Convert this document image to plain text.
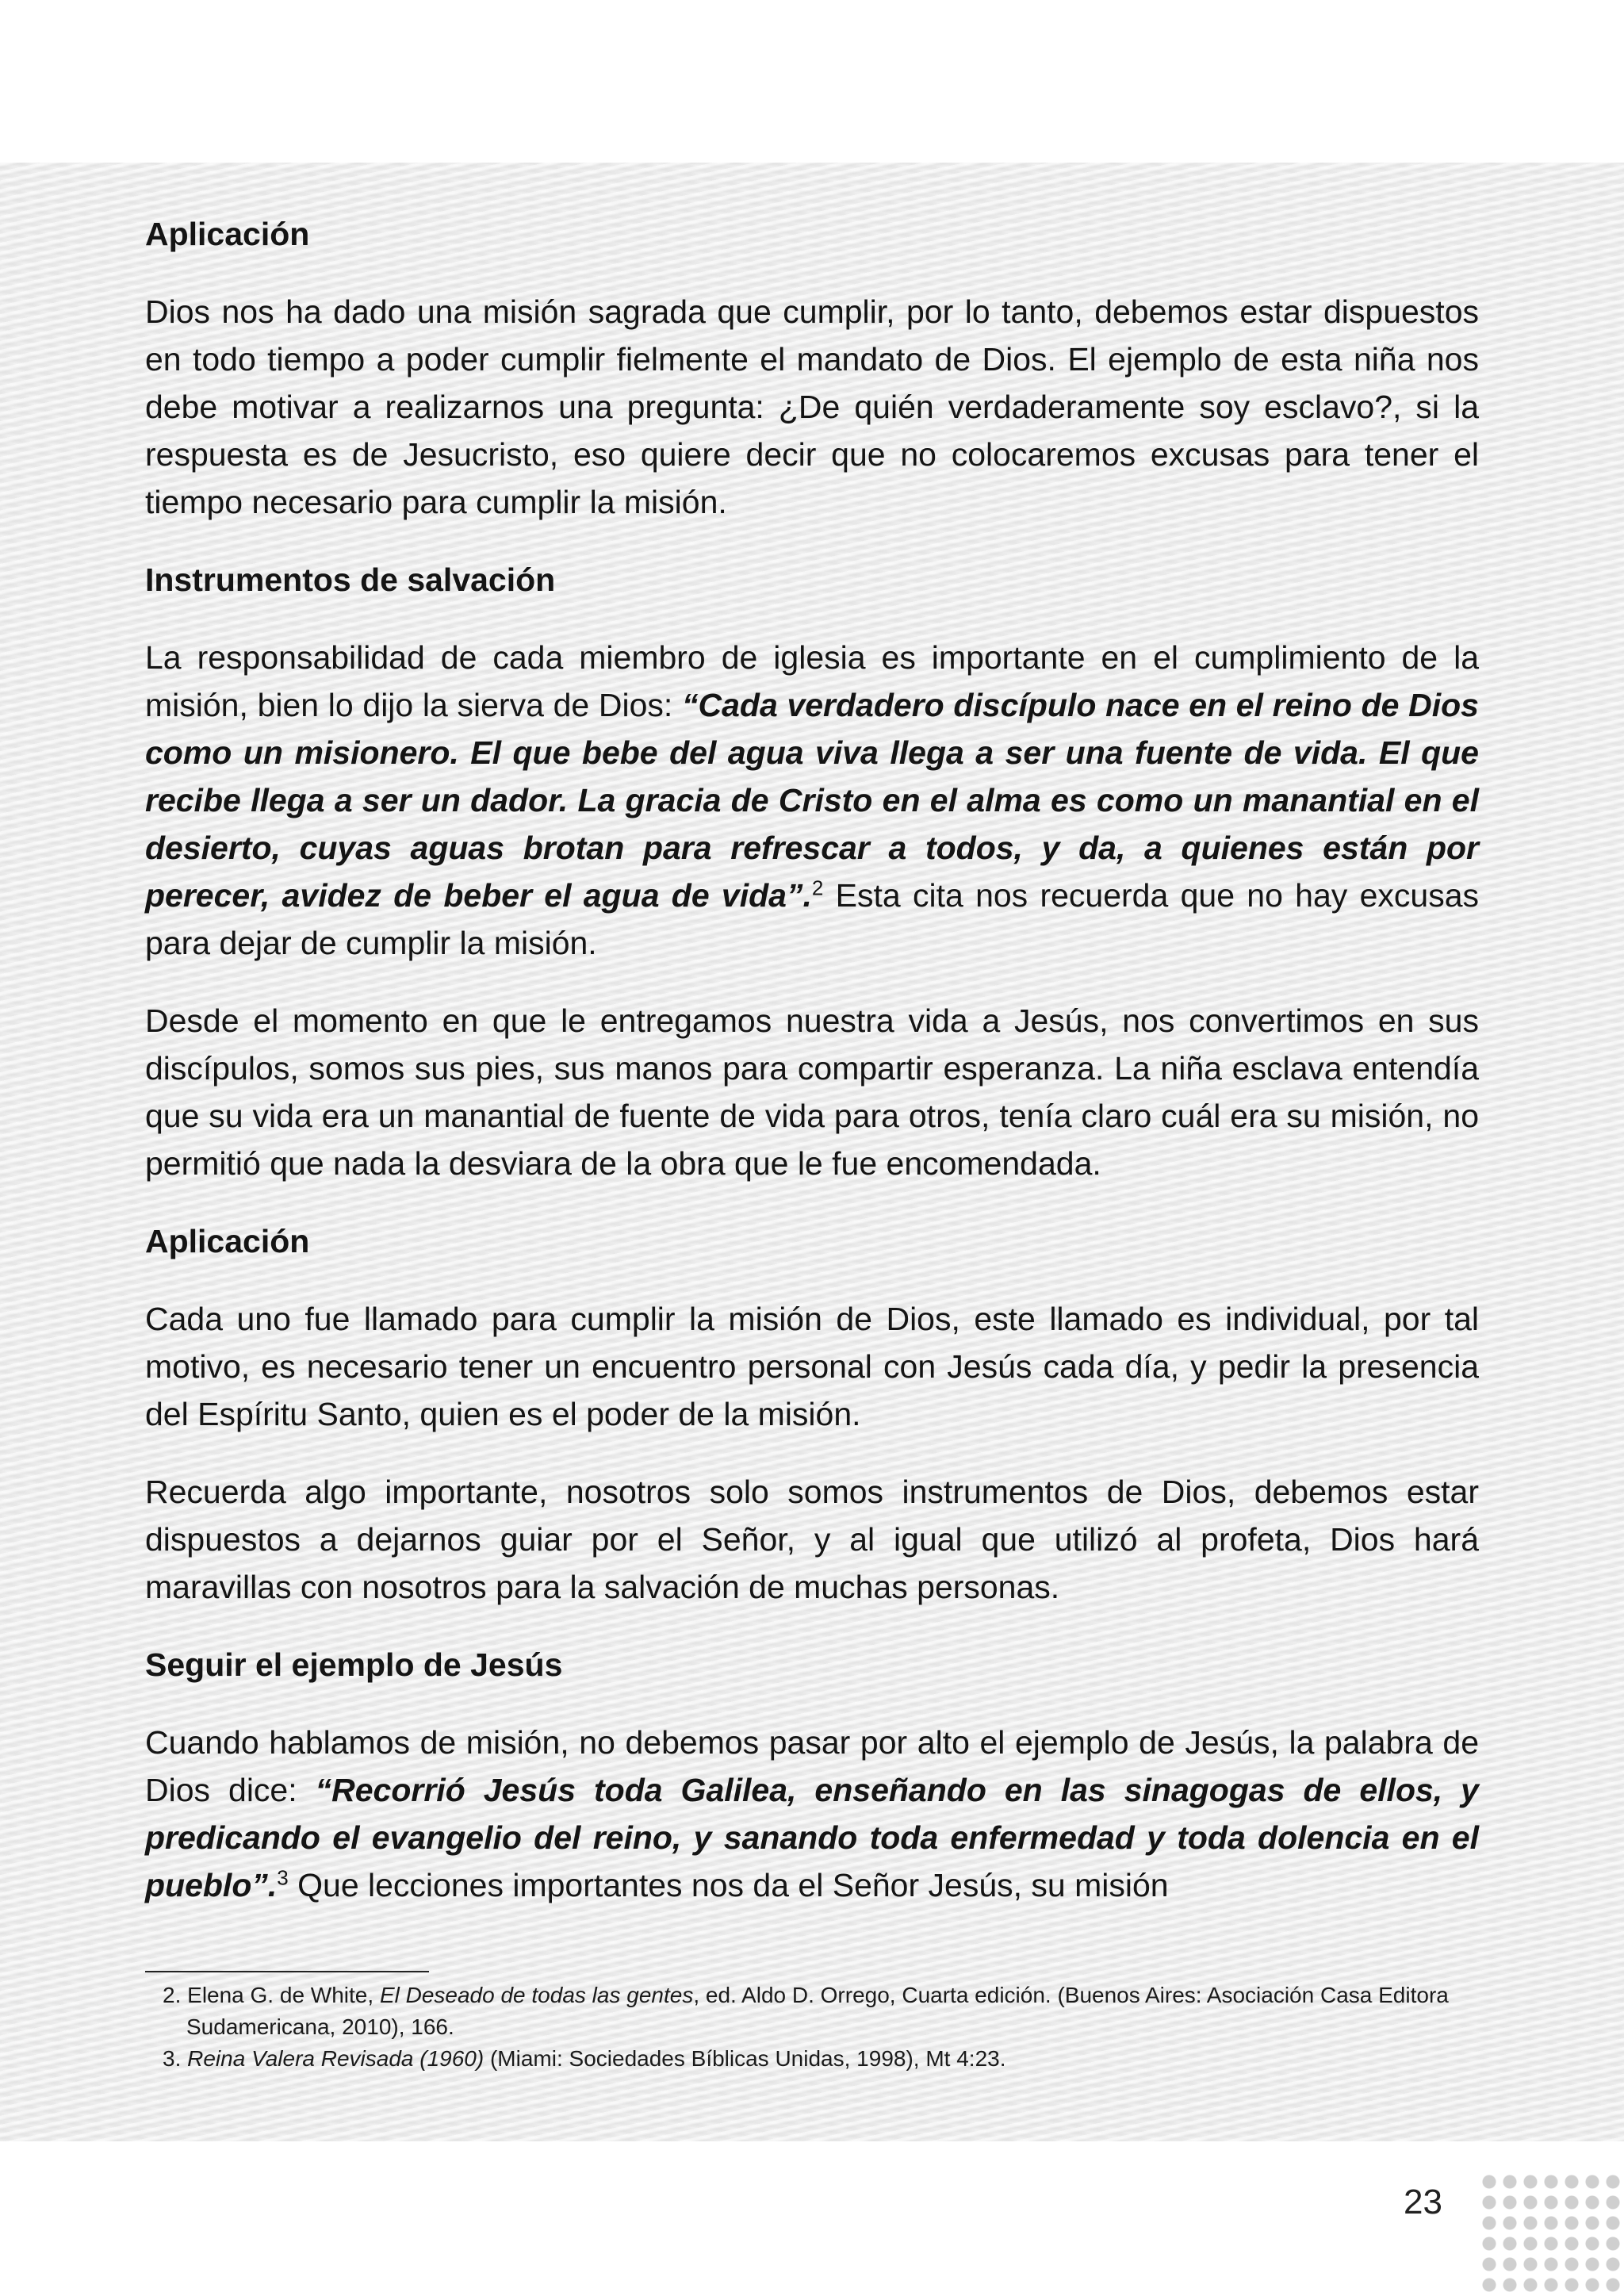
Aplicación

Dios nos ha dado una misión sagrada que cumplir, por lo tanto, debemos estar dispuestos en todo tiempo a poder cumplir fielmente el mandato de Dios. El ejemplo de esta niña nos debe motivar a realizarnos una pregunta: ¿De quién verdaderamente soy esclavo?, si la respuesta es de Jesucristo, eso quiere decir que no colocaremos excusas para tener el tiempo necesario para cumplir la misión.

Instrumentos de salvación

La responsabilidad de cada miembro de iglesia es importante en el cumplimiento de la misión, bien lo dijo la sierva de Dios: “Cada verdadero discípulo nace en el reino de Dios como un misionero. El que bebe del agua viva llega a ser una fuente de vida. El que recibe llega a ser un dador. La gracia de Cristo en el alma es como un manantial en el desierto, cuyas aguas brotan para refrescar a todos, y da, a quienes están por perecer, avidez de beber el agua de vida”.$^2$ Esta cita nos recuerda que no hay excusas para dejar de cumplir la misión.

Desde el momento en que le entregamos nuestra vida a Jesús, nos convertimos en sus discípulos, somos sus pies, sus manos para compartir esperanza. La niña esclava entendía que su vida era un manantial de fuente de vida para otros, tenía claro cuál era su misión, no permitió que nada la desviara de la obra que le fue encomendada.

Aplicación

Cada uno fue llamado para cumplir la misión de Dios, este llamado es individual, por tal motivo, es necesario tener un encuentro personal con Jesús cada día, y pedir la presencia del Espíritu Santo, quien es el poder de la misión.

Recuerda algo importante, nosotros solo somos instrumentos de Dios, debemos estar dispuestos a dejarnos guiar por el Señor, y al igual que utilizó al profeta, Dios hará maravillas con nosotros para la salvación de muchas personas.

Seguir el ejemplo de Jesús

Cuando hablamos de misión, no debemos pasar por alto el ejemplo de Jesús, la palabra de Dios dice: “Recorrió Jesús toda Galilea, enseñando en las sinagogas de ellos, y predicando el evangelio del reino, y sanando toda enfermedad y toda dolencia en el pueblo”.$^3$ Que lecciones importantes nos da el Señor Jesús, su misión

2. Elena G. de White, El Deseado de todas las gentes, ed. Aldo D. Orrego, Cuarta edición. (Buenos Aires: Asociación Casa Editora Sudamericana, 2010), 166.

3. Reina Valera Revisada (1960) (Miami: Sociedades Bíblicas Unidas, 1998), Mt 4:23.

23
